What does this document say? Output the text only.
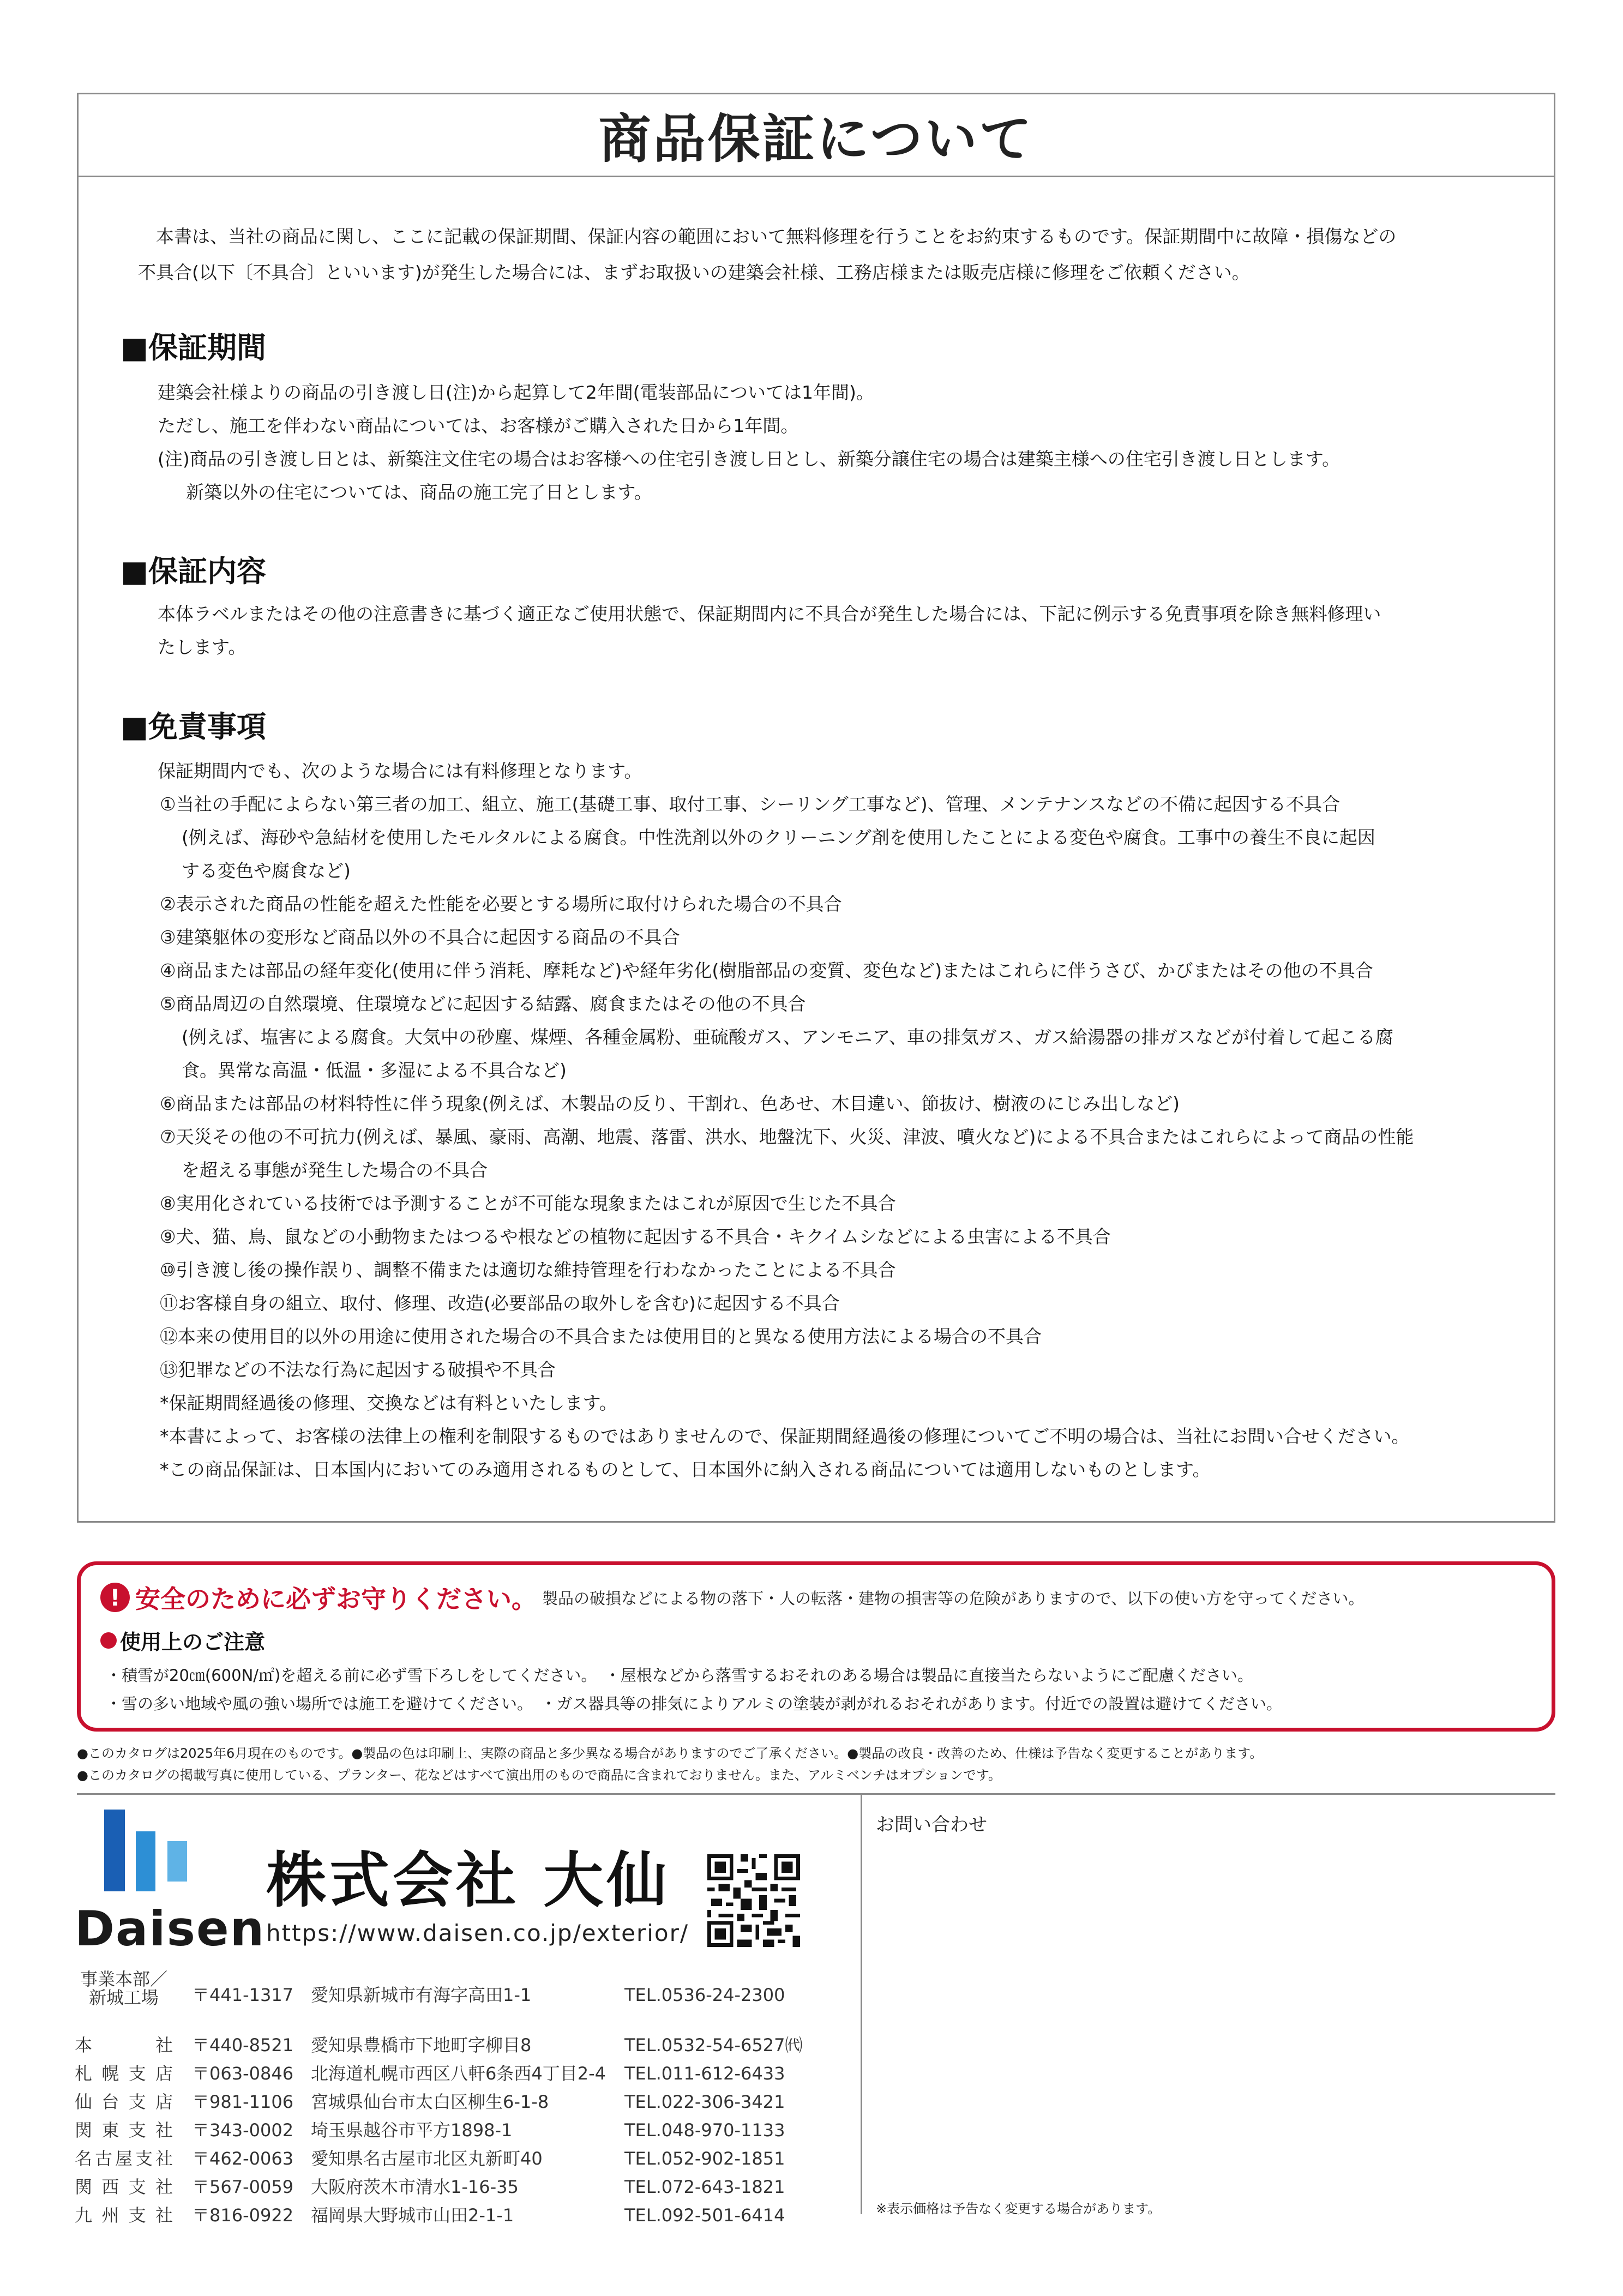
商品保証について
本書は、当社の商品に関し、ここに記載の保証期間、保証内容の範囲において無料修理を行うことをお約束するものです。保証期間中に故障・損傷などの
不具合(以下〔不具合〕といいます)が発生した場合には、まずお取扱いの建築会社様、工務店様または販売店様に修理をご依頼ください。
■保証期間
建築会社様よりの商品の引き渡し日(注)から起算して2年間(電装部品については1年間)。
ただし、施工を伴わない商品については、お客様がご購入された日から1年間。
(注)商品の引き渡し日とは、新築注文住宅の場合はお客様への住宅引き渡し日とし、新築分譲住宅の場合は建築主様への住宅引き渡し日とします。
新築以外の住宅については、商品の施工完了日とします。
■保証内容
本体ラベルまたはその他の注意書きに基づく適正なご使用状態で、保証期間内に不具合が発生した場合には、下記に例示する免責事項を除き無料修理い
たします。
■免責事項
保証期間内でも、次のような場合には有料修理となります。
①当社の手配によらない第三者の加工、組立、施工(基礎工事、取付工事、シーリング工事など)、管理、メンテナンスなどの不備に起因する不具合
(例えば、海砂や急結材を使用したモルタルによる腐食。中性洗剤以外のクリーニング剤を使用したことによる変色や腐食。工事中の養生不良に起因
する変色や腐食など)
②表示された商品の性能を超えた性能を必要とする場所に取付けられた場合の不具合
③建築躯体の変形など商品以外の不具合に起因する商品の不具合
④商品または部品の経年変化(使用に伴う消耗、摩耗など)や経年劣化(樹脂部品の変質、変色など)またはこれらに伴うさび、かびまたはその他の不具合
⑤商品周辺の自然環境、住環境などに起因する結露、腐食またはその他の不具合
(例えば、塩害による腐食。大気中の砂塵、煤煙、各種金属粉、亜硫酸ガス、アンモニア、車の排気ガス、ガス給湯器の排ガスなどが付着して起こる腐
食。異常な高温・低温・多湿による不具合など)
⑥商品または部品の材料特性に伴う現象(例えば、木製品の反り、干割れ、色あせ、木目違い、節抜け、樹液のにじみ出しなど)
⑦天災その他の不可抗力(例えば、暴風、豪雨、高潮、地震、落雷、洪水、地盤沈下、火災、津波、噴火など)による不具合またはこれらによって商品の性能
を超える事態が発生した場合の不具合
⑧実用化されている技術では予測することが不可能な現象またはこれが原因で生じた不具合
⑨犬、猫、鳥、鼠などの小動物またはつるや根などの植物に起因する不具合・キクイムシなどによる虫害による不具合
⑩引き渡し後の操作誤り、調整不備または適切な維持管理を行わなかったことによる不具合
⑪お客様自身の組立、取付、修理、改造(必要部品の取外しを含む)に起因する不具合
⑫本来の使用目的以外の用途に使用された場合の不具合または使用目的と異なる使用方法による場合の不具合
⑬犯罪などの不法な行為に起因する破損や不具合
*保証期間経過後の修理、交換などは有料といたします。
*本書によって、お客様の法律上の権利を制限するものではありませんので、保証期間経過後の修理についてご不明の場合は、当社にお問い合せください。
*この商品保証は、日本国内においてのみ適用されるものとして、日本国外に納入される商品については適用しないものとします。
! 安全のために必ずお守りください。 製品の破損などによる物の落下・人の転落・建物の損害等の危険がありますので、以下の使い方を守ってください。
使用上のご注意
・積雪が20㎝(600N/㎡)を超える前に必ず雪下ろしをしてください。　・屋根などから落雪するおそれのある場合は製品に直接当たらないようにご配慮ください。
・雪の多い地域や風の強い場所では施工を避けてください。　・ガス器具等の排気によりアルミの塗装が剥がれるおそれがあります。付近での設置は避けてください。
●このカタログは2025年6月現在のものです。●製品の色は印刷上、実際の商品と多少異なる場合がありますのでご了承ください。●製品の改良・改善のため、仕様は予告なく変更することがあります。
●このカタログの掲載写真に使用している、プランター、花などはすべて演出用のもので商品に含まれておりません。また、アルミベンチはオプションです。
Daisen
株式会社 大仙
https://www.daisen.co.jp/exterior/
事業本部／
新城工場	〒441-1317 愛知県新城市有海字高田1-1	TEL.0536-24-2300
本　社 〒440-8521 愛知県豊橋市下地町字柳目8	TEL.0532-54-6527㈹
札幌支店 〒063-0846 北海道札幌市西区八軒6条西4丁目2-4 TEL.011-612-6433
仙台支店 〒981-1106 宮城県仙台市太白区柳生6-1-8	TEL.022-306-3421
関東支社 〒343-0002 埼玉県越谷市平方1898-1	TEL.048-970-1133
名古屋支社 〒462-0063 愛知県名古屋市北区丸新町40	TEL.052-902-1851
関西支社 〒567-0059 大阪府茨木市清水1-16-35	TEL.072-643-1821
九州支社 〒816-0922 福岡県大野城市山田2-1-1	TEL.092-501-6414
お問い合わせ
※表示価格は予告なく変更する場合があります。
